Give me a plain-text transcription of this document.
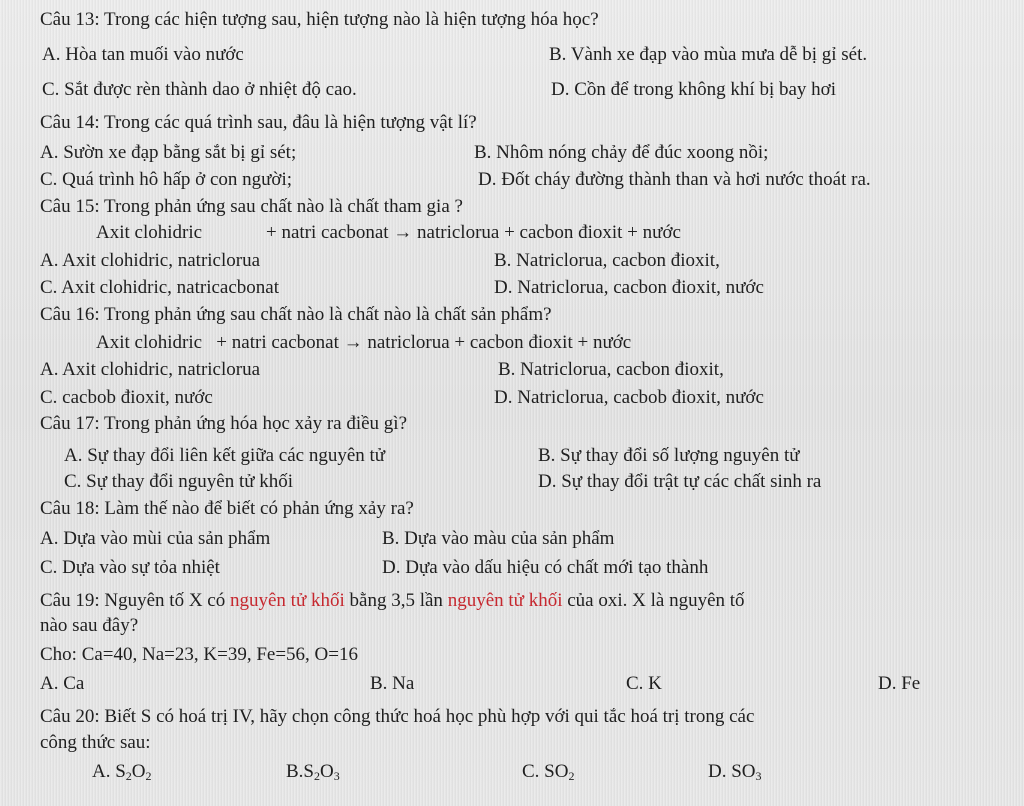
Câu 13: Trong các hiện tượng sau, hiện tượng nào là hiện tượng hóa học?
A. Hòa tan muối vào nước	B. Vành xe đạp vào mùa mưa dễ bị gỉ sét.
C. Sắt được rèn thành dao ở nhiệt độ cao.	D. Cồn để trong không khí bị bay hơi
Câu 14: Trong các quá trình sau, đâu là hiện tượng vật lí?
A. Sườn xe đạp bằng sắt bị gỉ sét;	B. Nhôm nóng chảy để đúc xoong nồi;
C. Quá trình hô hấp ở con người;	D. Đốt cháy đường thành than và hơi nước thoát ra.
Câu 15: Trong phản ứng sau chất nào là chất tham gia ?
Axit clohidric	+ natri cacbonat → natriclorua + cacbon đioxit + nước
A. Axit clohidric, natriclorua	B. Natriclorua, cacbon đioxit,
C. Axit clohidric, natricacbonat	D. Natriclorua, cacbon đioxit, nước
Câu 16: Trong phản ứng sau chất nào là chất nào là chất sản phẩm?
Axit clohidric   + natri cacbonat → natriclorua + cacbon đioxit + nước
A. Axit clohidric, natriclorua	B. Natriclorua, cacbon đioxit,
C. cacbob đioxit, nước	D. Natriclorua, cacbob đioxit, nước
Câu 17: Trong phản ứng hóa học xảy ra điều gì?
A. Sự thay đổi liên kết giữa các nguyên tử	B. Sự thay đổi số lượng nguyên tử
C. Sự thay đổi nguyên tử khối	D. Sự thay đổi trật tự các chất sinh ra
Câu 18: Làm thế nào để biết có phản ứng xảy ra?
A. Dựa vào mùi của sản phẩm	B. Dựa vào màu của sản phẩm
C. Dựa vào sự tỏa nhiệt	D. Dựa vào dấu hiệu có chất mới tạo thành
Câu 19: Nguyên tố X có nguyên tử khối bằng 3,5 lần nguyên tử khối của oxi. X là nguyên tố
nào sau đây?
Cho: Ca=40, Na=23, K=39, Fe=56, O=16
A. Ca	B. Na	C. K	D. Fe
Câu 20: Biết S có hoá trị IV, hãy chọn công thức hoá học phù hợp với qui tắc hoá trị trong các
công thức sau:
A. $S_2O_2$	$B.S_2O_3$	C. $SO_2$	D. $SO_3$
